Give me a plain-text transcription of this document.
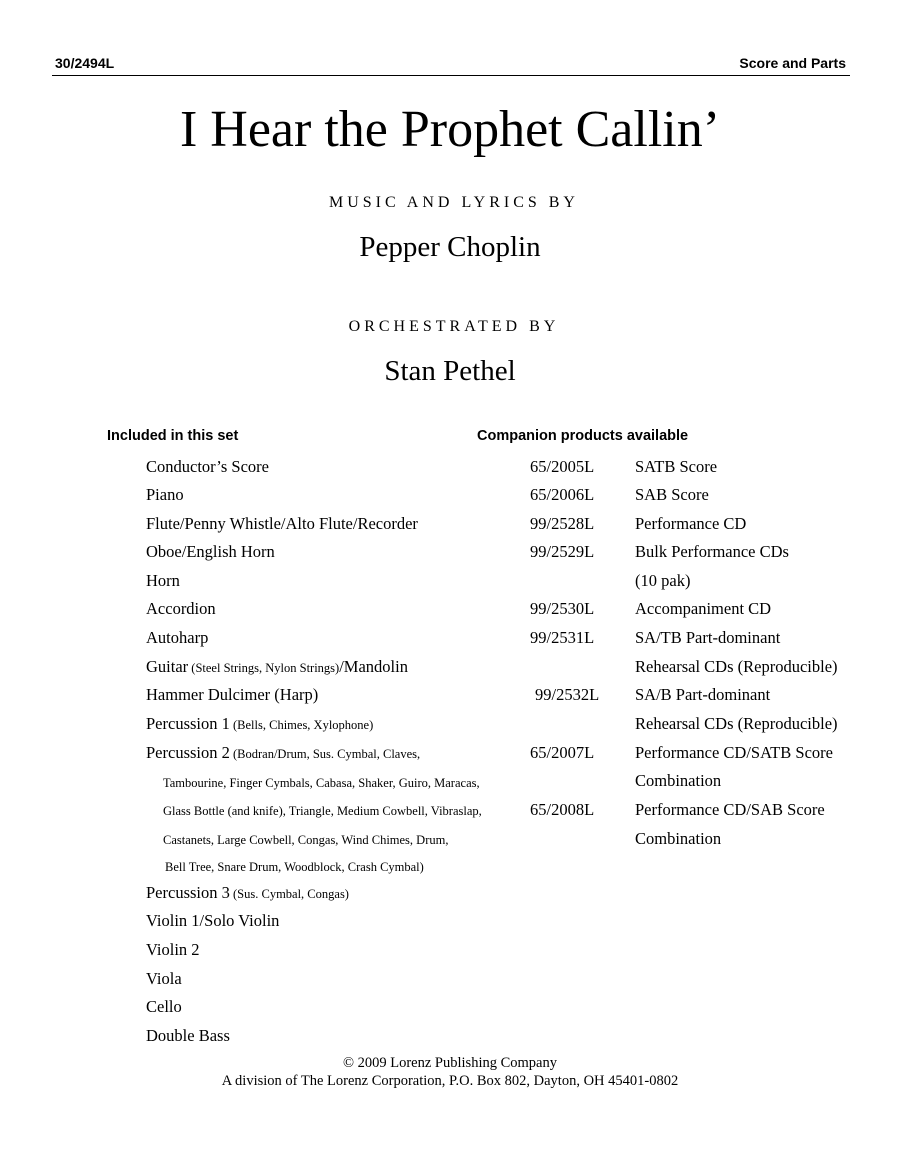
30/2494L	Score and Parts
I Hear the Prophet Callin’
MUSIC AND LYRICS BY
Pepper Choplin
ORCHESTRATED BY
Stan Pethel
Included in this set	Companion products available
Conductor’s Score
Piano
Flute/Penny Whistle/Alto Flute/Recorder
Oboe/English Horn
Horn
Accordion
Autoharp
Guitar (Steel Strings, Nylon Strings)/Mandolin
Hammer Dulcimer (Harp)
Percussion 1 (Bells, Chimes, Xylophone)
Percussion 2 (Bodran/Drum, Sus. Cymbal, Claves,
Tambourine, Finger Cymbals, Cabasa, Shaker, Guiro, Maracas,
Glass Bottle (and knife), Triangle, Medium Cowbell, Vibraslap,
Castanets, Large Cowbell, Congas, Wind Chimes, Drum,
Bell Tree, Snare Drum, Woodblock, Crash Cymbal)
Percussion 3 (Sus. Cymbal, Congas)
Violin 1/Solo Violin
Violin 2
Viola
Cello
Double Bass
65/2005L SATB Score
65/2006L SAB Score
99/2528L Performance CD
99/2529L Bulk Performance CDs
(10 pak)
99/2530L Accompaniment CD
99/2531L SA/TB Part-dominant
Rehearsal CDs (Reproducible)
99/2532L SA/B Part-dominant
Rehearsal CDs (Reproducible)
65/2007L Performance CD/SATB Score
Combination
65/2008L Performance CD/SAB Score
Combination
© 2009 Lorenz Publishing Company
A division of The Lorenz Corporation, P.O. Box 802, Dayton, OH 45401-0802
